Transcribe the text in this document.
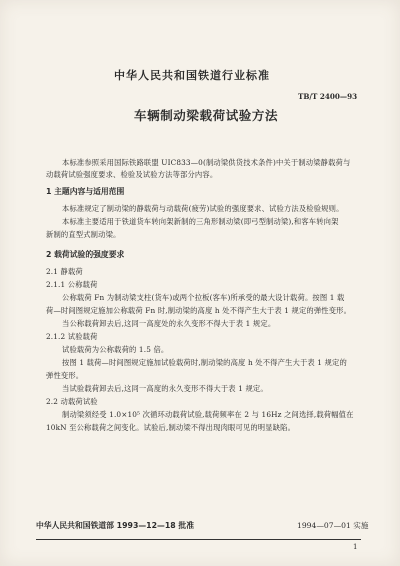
中华人民共和国铁道行业标准
TB/T 2400—93
车辆制动梁载荷试验方法
本标准参照采用国际铁路联盟 UIC833—0(制动梁供货技术条件)中关于制动梁静载荷与
动载荷试验强度要求、检验及试验方法等部分内容。
1 主题内容与适用范围
本标准规定了制动梁的静载荷与动载荷(疲劳)试验的强度要求、试验方法及检验规则。
本标准主要适用于铁道货车转向架新制的三角形制动梁(即弓型制动梁),和客车转向架
新制的直型式制动梁。
2 载荷试验的强度要求
2.1 静载荷
2.1.1 公称载荷
公称载荷 Fn 为制动梁支柱(货车)或两个拉板(客车)所承受的最大设计载荷。按图 1 载
荷—时间图规定施加公称载荷 Fn 时,制动梁的高度 h 处不得产生大于表 1 规定的弹性变形。
当公称载荷卸去后,这同一高度处的永久变形不得大于表 1 规定。
2.1.2 试验载荷
试验载荷为公称载荷的 1.5 倍。
按图 1 载荷—时间图规定施加试验载荷时,制动梁的高度 h 处不得产生大于表 1 规定的
弹性变形。
当试验载荷卸去后,这同一高度的永久变形不得大于表 1 规定。
2.2 动载荷试验
制动梁须经受 1.0×10⁵ 次循环动载荷试验,载荷频率在 2 与 16Hz 之间选择,载荷幅值在
10kN 至公称载荷之间变化。试验后,制动梁不得出现肉眼可见的明显缺陷。
中华人民共和国铁道部 1993—12—18 批准	1994—07—01 实施
1
